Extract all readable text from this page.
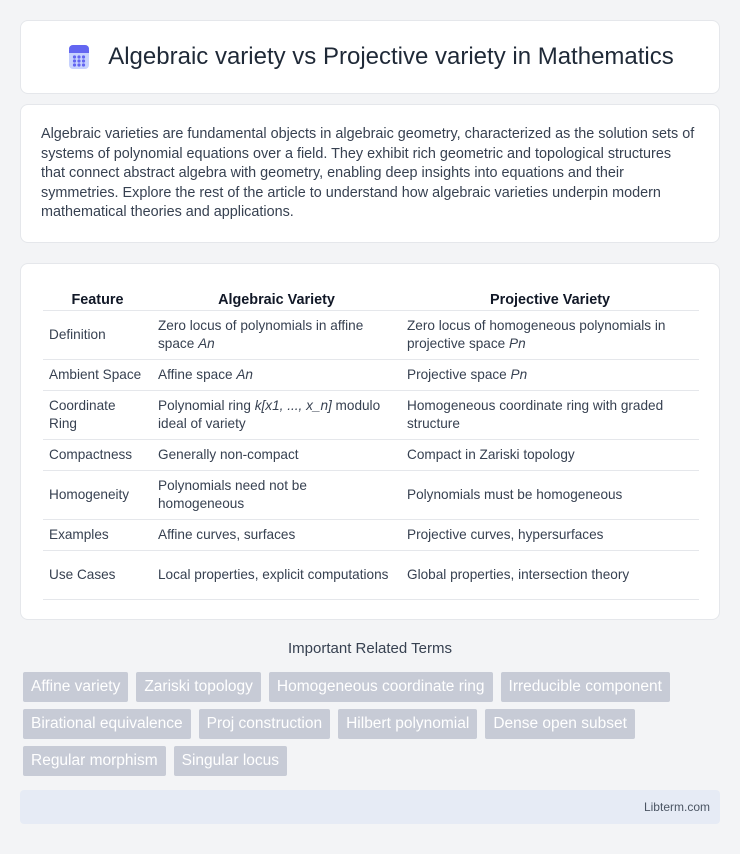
Algebraic variety vs Projective variety in Mathematics

Algebraic varieties are fundamental objects in algebraic geometry, characterized as the solution sets of systems of polynomial equations over a field. They exhibit rich geometric and topological structures that connect abstract algebra with geometry, enabling deep insights into equations and their symmetries. Explore the rest of the article to understand how algebraic varieties underpin modern mathematical theories and applications.

Feature	Algebraic Variety	Projective Variety
Definition	Zero locus of polynomials in affine space An	Zero locus of homogeneous polynomials in projective space Pn
Ambient Space	Affine space An	Projective space Pn
Coordinate Ring	Polynomial ring k[x1, ..., x_n] modulo ideal of variety	Homogeneous coordinate ring with graded structure
Compactness	Generally non-compact	Compact in Zariski topology
Homogeneity	Polynomials need not be homogeneous	Polynomials must be homogeneous
Examples	Affine curves, surfaces	Projective curves, hypersurfaces
Use Cases	Local properties, explicit computations	Global properties, intersection theory
Important Related Terms
Affine variety	Zariski topology	Homogeneous coordinate ring	Irreducible component
Birational equivalence	Proj construction	Hilbert polynomial	Dense open subset
Regular morphism	Singular locus
Libterm.com
